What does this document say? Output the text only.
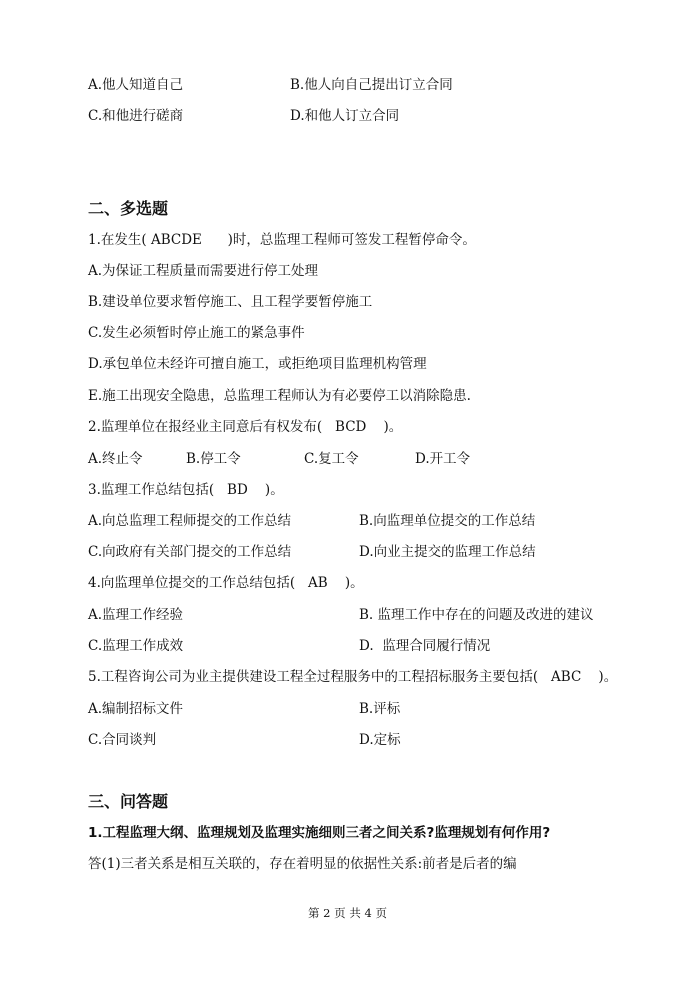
A.他人知道自己	B.他人向自己提出订立合同
C.和他进行磋商	D.和他人订立合同
二、多选题
1.在发生( ABCDE      )时，总监理工程师可签发工程暂停命令。
A.为保证工程质量而需要进行停工处理
B.建设单位要求暂停施工、且工程学要暂停施工
C.发生必须暂时停止施工的紧急事件
D.承包单位未经许可擅自施工，或拒绝项目监理机构管理
E.施工出现安全隐患，总监理工程师认为有必要停工以消除隐患.
2.监理单位在报经业主同意后有权发布(   BCD    )。
A.终止令	B.停工令	C.复工令	D.开工令
3.监理工作总结包括(   BD    )。
A.向总监理工程师提交的工作总结	B.向监理单位提交的工作总结
C.向政府有关部门提交的工作总结	D.向业主提交的监理工作总结
4.向监理单位提交的工作总结包括(   AB    )。
A.监理工作经验	B. 监理工作中存在的问题及改进的建议
C.监理工作成效	D.  监理合同履行情况
5.工程咨询公司为业主提供建设工程全过程服务中的工程招标服务主要包括(   ABC    )。
A.编制招标文件	B.评标
C.合同谈判	D.定标
三、问答题
1.工程监理大纲、监理规划及监理实施细则三者之间关系?监理规划有何作用?
答(1)三者关系是相互关联的，存在着明显的依据性关系:前者是后者的编
第 2 页 共 4 页
